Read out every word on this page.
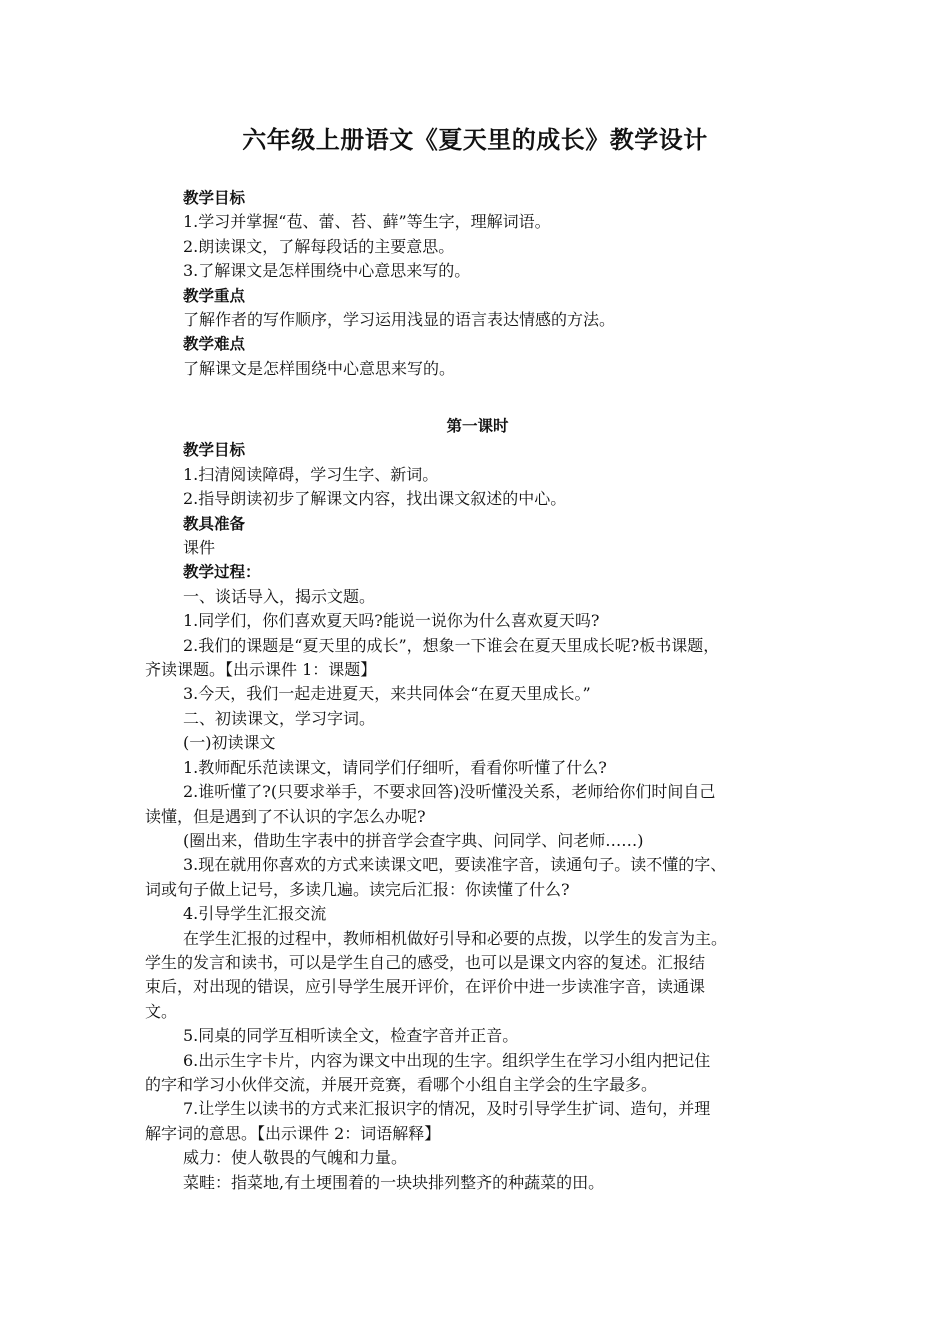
六年级上册语文《夏天里的成长》教学设计
教学目标
1.学习并掌握“苞、蕾、苔、藓”等生字，理解词语。
2.朗读课文，了解每段话的主要意思。
3.了解课文是怎样围绕中心意思来写的。
教学重点
了解作者的写作顺序，学习运用浅显的语言表达情感的方法。
教学难点
了解课文是怎样围绕中心意思来写的。
第一课时
教学目标
1.扫清阅读障碍，学习生字、新词。
2.指导朗读初步了解课文内容，找出课文叙述的中心。
教具准备
课件
教学过程：
一、谈话导入，揭示文题。
1.同学们，你们喜欢夏天吗?能说一说你为什么喜欢夏天吗?
2.我们的课题是“夏天里的成长”，想象一下谁会在夏天里成长呢?板书课题，
齐读课题。【出示课件 1：课题】
3.今天，我们一起走进夏天，来共同体会“在夏天里成长。”
二、初读课文，学习字词。
(一)初读课文
1.教师配乐范读课文，请同学们仔细听，看看你听懂了什么?
2.谁听懂了?(只要求举手，不要求回答)没听懂没关系，老师给你们时间自己
读懂，但是遇到了不认识的字怎么办呢?
(圈出来，借助生字表中的拼音学会查字典、问同学、问老师……)
3.现在就用你喜欢的方式来读课文吧，要读准字音，读通句子。读不懂的字、
词或句子做上记号，多读几遍。读完后汇报：你读懂了什么?
4.引导学生汇报交流
在学生汇报的过程中，教师相机做好引导和必要的点拨，以学生的发言为主。
学生的发言和读书，可以是学生自己的感受，也可以是课文内容的复述。汇报结
束后，对出现的错误，应引导学生展开评价，在评价中进一步读准字音，读通课
文。
5.同桌的同学互相听读全文，检查字音并正音。
6.出示生字卡片，内容为课文中出现的生字。组织学生在学习小组内把记住
的字和学习小伙伴交流，并展开竞赛，看哪个小组自主学会的生字最多。
7.让学生以读书的方式来汇报识字的情况，及时引导学生扩词、造句，并理
解字词的意思。【出示课件 2：词语解释】
威力：使人敬畏的气魄和力量。
菜畦：指菜地,有土埂围着的一块块排列整齐的种蔬菜的田。
